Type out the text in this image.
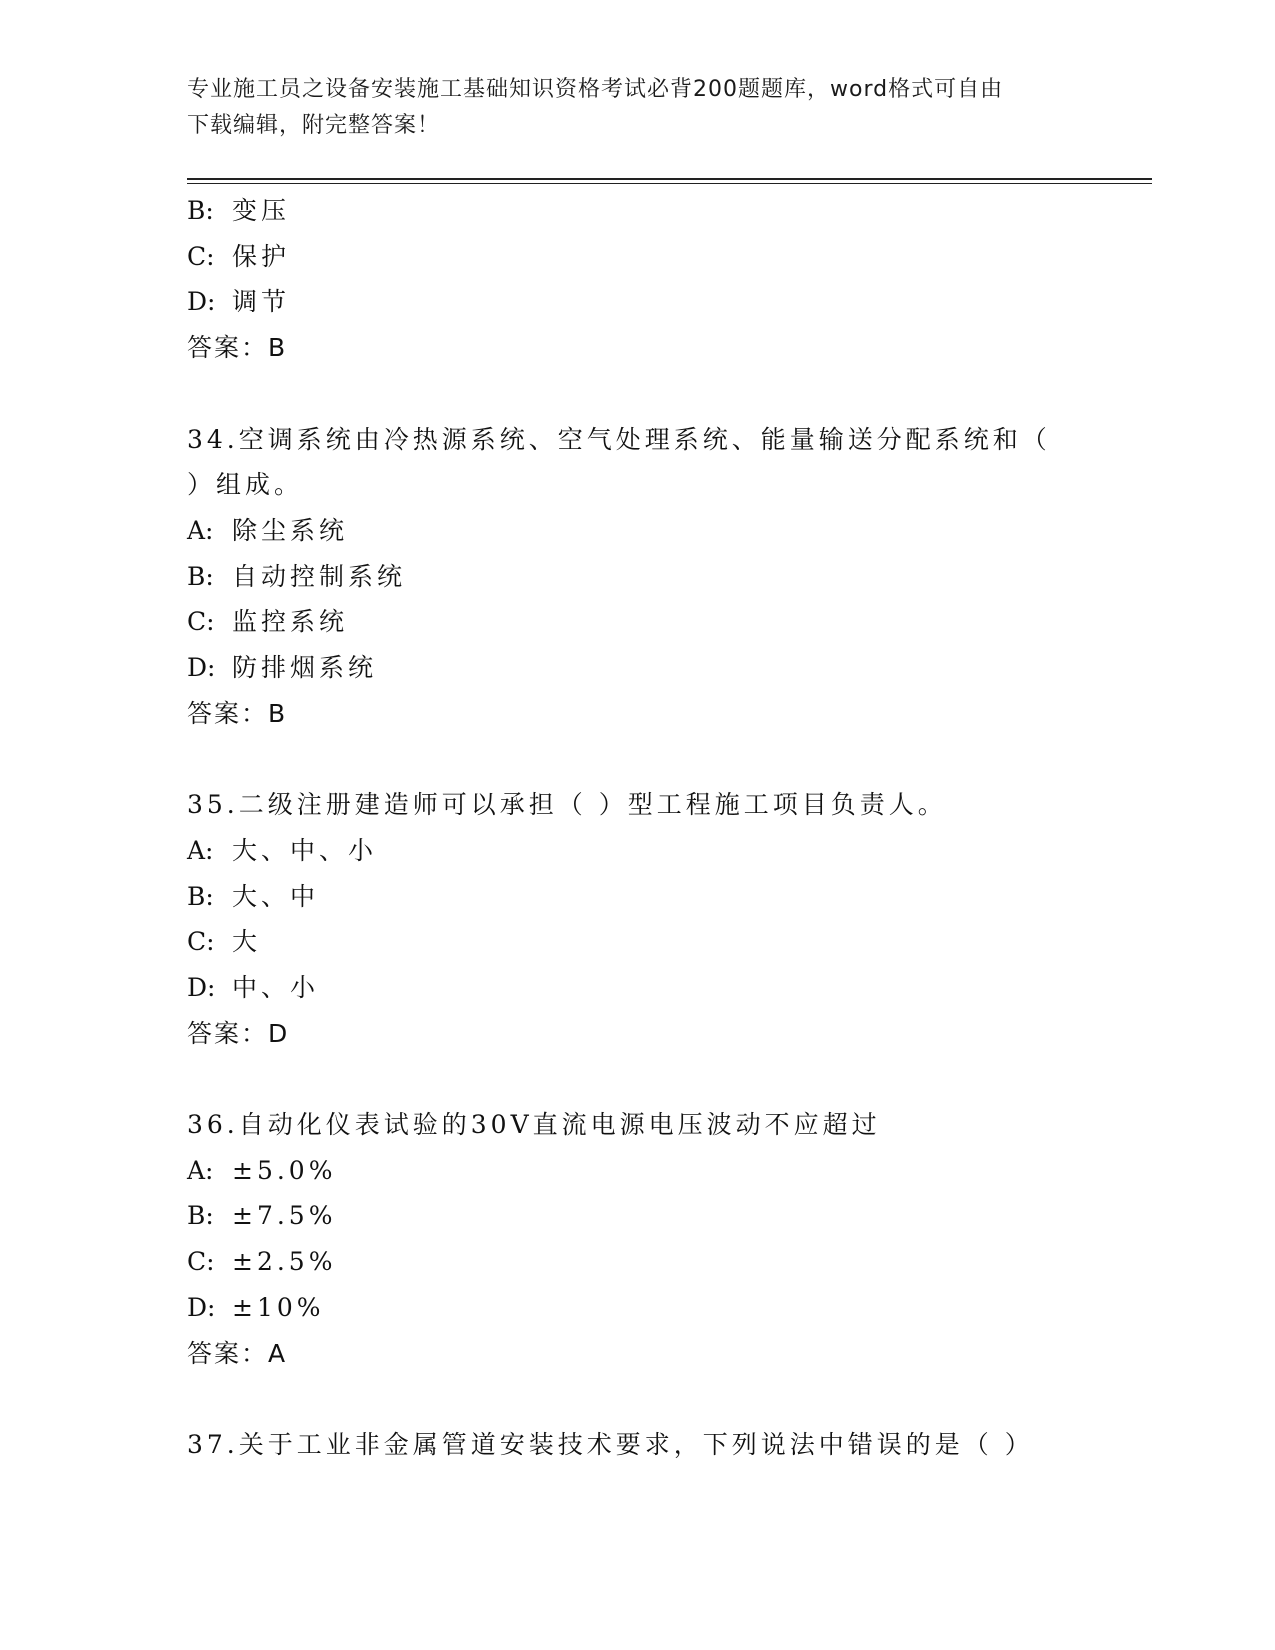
专业施工员之设备安装施工基础知识资格考试必背200题题库，word格式可自由
下载编辑，附完整答案！
B: 变压
C: 保护
D: 调节
答案：B
34.空调系统由冷热源系统、空气处理系统、能量输送分配系统和（
）组成。
A: 除尘系统
B: 自动控制系统
C: 监控系统
D: 防排烟系统
答案：B
35.二级注册建造师可以承担（ ）型工程施工项目负责人。
A: 大、中、小
B: 大、中
C: 大
D: 中、小
答案：D
36.自动化仪表试验的30V直流电源电压波动不应超过
A: ±5.0%
B: ±7.5%
C: ±2.5%
D: ±10%
答案：A
37.关于工业非金属管道安装技术要求，下列说法中错误的是（ ）
